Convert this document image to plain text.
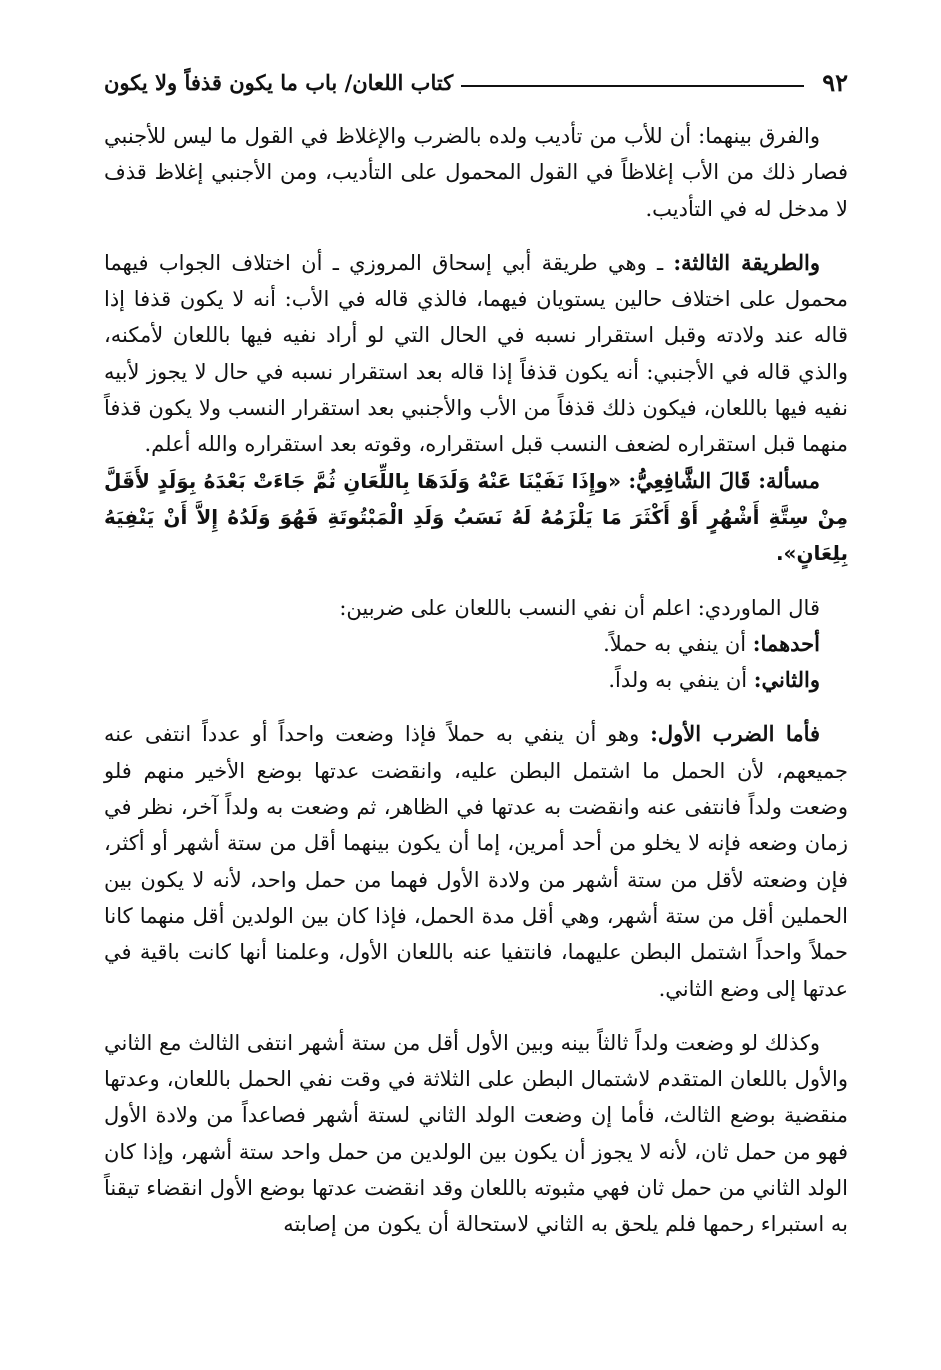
٩٢
كتاب اللعان/ باب ما يكون قذفاً ولا يكون

والفرق بينهما: أن للأب من تأديب ولده بالضرب والإغلاظ في القول ما ليس للأجنبي فصار ذلك من الأب إغلاظاً في القول المحمول على التأديب، ومن الأجنبي إغلاظ قذف لا مدخل له في التأديب.

والطريقة الثالثة: ـ وهي طريقة أبي إسحاق المروزي ـ أن اختلاف الجواب فيهما محمول على اختلاف حالين يستويان فيهما، فالذي قاله في الأب: أنه لا يكون قذفا إذا قاله عند ولادته وقبل استقرار نسبه في الحال التي لو أراد نفيه فيها باللعان لأمكنه، والذي قاله في الأجنبي: أنه يكون قذفاً إذا قاله بعد استقرار نسبه في حال لا يجوز لأبيه نفيه فيها باللعان، فيكون ذلك قذفاً من الأب والأجنبي بعد استقرار النسب ولا يكون قذفاً منهما قبل استقراره لضعف النسب قبل استقراره، وقوته بعد استقراره والله أعلم.

مسألة: قَالَ الشَّافِعِيُّ: «وإِذَا نَفَيْنَا عَنْهُ وَلَدَهَا بِاللِّعَانِ ثُمَّ جَاءَتْ بَعْدَهُ بِوَلَدٍ لأَقَلَّ مِنْ سِتَّةِ أَشْهُرٍ أَوْ أَكْثَرَ مَا يَلْزَمُهُ لَهُ نَسَبُ وَلَدِ الْمَبْتُوتَةِ فَهُوَ وَلَدُهُ إِلاَّ أَنْ يَنْفِيَهُ بِلِعَانٍ».

قال الماوردي: اعلم أن نفي النسب باللعان على ضربين:

أحدهما: أن ينفي به حملاً.

والثاني: أن ينفي به ولداً.

فأما الضرب الأول: وهو أن ينفي به حملاً فإذا وضعت واحداً أو عدداً انتفى عنه جميعهم، لأن الحمل ما اشتمل البطن عليه، وانقضت عدتها بوضع الأخير منهم فلو وضعت ولداً فانتفى عنه وانقضت به عدتها في الظاهر، ثم وضعت به ولداً آخر، نظر في زمان وضعه فإنه لا يخلو من أحد أمرين، إما أن يكون بينهما أقل من ستة أشهر أو أكثر، فإن وضعته لأقل من ستة أشهر من ولادة الأول فهما من حمل واحد، لأنه لا يكون بين الحملين أقل من ستة أشهر، وهي أقل مدة الحمل، فإذا كان بين الولدين أقل منهما كانا حملاً واحداً اشتمل البطن عليهما، فانتفيا عنه باللعان الأول، وعلمنا أنها كانت باقية في عدتها إلى وضع الثاني.

وكذلك لو وضعت ولداً ثالثاً بينه وبين الأول أقل من ستة أشهر انتفى الثالث مع الثاني والأول باللعان المتقدم لاشتمال البطن على الثلاثة في وقت نفي الحمل باللعان، وعدتها منقضية بوضع الثالث، فأما إن وضعت الولد الثاني لستة أشهر فصاعداً من ولادة الأول فهو من حمل ثان، لأنه لا يجوز أن يكون بين الولدين من حمل واحد ستة أشهر، وإذا كان الولد الثاني من حمل ثان فهي مثبوته باللعان وقد انقضت عدتها بوضع الأول انقضاء تيقناً به استبراء رحمها فلم يلحق به الثاني لاستحالة أن يكون من إصابته
